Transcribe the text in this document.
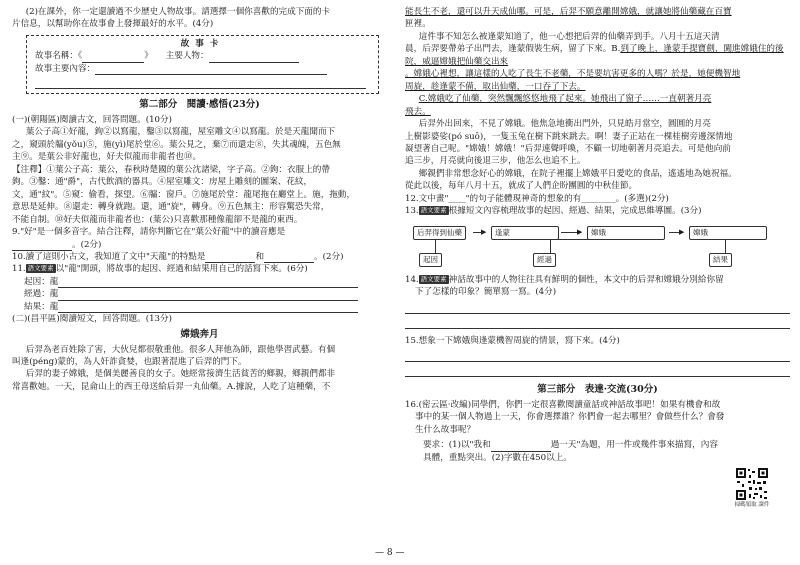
(2)在課外，你一定還讀過不少歷史人物故事。請選擇一個你喜歡的完成下面的卡

片信息，以幫助你在故事會上發揮最好的水平。(4分)

故事卡
故事名稱：《	》 主要人物：
故事主要內容：
第二部分　閱讀·感悟(23分)

(一)(朝陽區)閱讀古文，回答問題。(10分)

葉公子高①好龍，鉤②以寫龍，鑿③以寫龍，屋室雕文④以寫龍。於是天龍聞而下

之，窺頭於牖(yǒu)⑤，施(yì)尾於堂⑥。葉公見之，棄⑦而還走⑧，失其魂魄，五色無

主⑨。是葉公非好龍也，好夫似龍而非龍者也⑩。

【注釋】①葉公子高：葉公，春秋時楚國的葉公沈諸梁，字子高。②鉤：衣服上的帶

鉤。③鑿：通"爵"，古代飲酒的器具。④屋室雕文：房屋上雕刻的圖案、花紋，

文，通"紋"。⑤窺：偷看，探望。⑥牖：窗戶。⑦施尾於堂：龍尾拖在廳堂上。施，拖動，

意思是延伸。⑧還走：轉身就跑。還，通"旋"，轉身。⑨五色無主：形容驚恐失常，

不能自制。⑩好夫似龍而非龍者也：(葉公)只喜歡那種像龍卻不是龍的東西。

9."好"是一個多音字。結合注釋，請你判斷它在"葉公好龍"中的讀音應是

。(2分)

10.讀了這則小古文，我知道了文中"天龍"的特點是	和	。(2分)

11. 語文要素 以"龍"開頭，將故事的起因、經過和結果用自己的話寫下來。(6分)

起因：龍

經過：龍

結果：龍

(二)(昌平區)閱讀短文，回答問題。(13分)

嫦娥奔月

后羿為老百姓除了害，大伙兒都很敬重他。很多人拜他為師，跟他學習武藝。有個

叫逢(péng)蒙的，為人奸詐貪婪，也跟著混進了后羿的門下。

后羿的妻子嫦娥，是個美麗善良的女子。她經常接濟生活貧苦的鄉親，鄉親們都非

常喜歡她。一天，昆侖山上的西王母送給后羿一丸仙藥。A.據說，人吃了這種藥，不

— 8 —

能長生不老，還可以升天成仙哪。可是，后羿不願意離開嫦娥，就讓她將仙藥藏在百寶

匣裡。

這件事不知怎么被逢蒙知道了，他一心想把后羿的仙藥弄到手。八月十五這天清

晨，后羿要帶弟子出門去，逢蒙假裝生病，留了下來。B.到了晚上，逢蒙手提寶劍，闖進嫦娥住的後院，威逼嫦娥把仙藥交出來

。嫦娥心裡想，讓這樣的人吃了長生不老藥，不是要坑害更多的人嗎？於是，她便機智地

周旋，趁逢蒙不備，取出仙藥，一口吞了下去。

C.嫦娥吃了仙藥，突然飄飄悠悠地飛了起來。她飛出了窗子……一直朝著月亮

飛去。

后羿外出回來，不見了嫦娥。他焦急地衝出門外，只見皓月當空，圓圓的月亮

上樹影婆娑(pó suō)，一隻玉兔在樹下跳來跳去。啊！妻子正站在一棵桂樹旁邊深情地

凝望著自己呢。"嫦娥！嫦娥！"后羿連聲呼喚，不顧一切地朝著月亮追去。可是他向前

追三步，月亮就向後退三步，他怎么也追不上。

鄉親們非常想念好心的嫦娥，在院子裡擺上嫦娥平日愛吃的食品，遙遙地為她祝福。

從此以後，每年八月十五，就成了人們企盼團圓的中秋佳節。

12.文中畫"____"的句子能體現神奇的想象的有________。(多選)(2分)

13. 語文要素 根據短文內容梳理故事的起因、經過、結果，完成思維導圖。(3分)

后羿得到仙藥	▶	逢蒙	▶	嫦娥	▶	嫦娥
起因	經過	結果

14. 語文要素 神話故事中的人物往往具有鮮明的個性，本文中的后羿和嫦娥分別給你留

下了怎樣的印象？簡單寫一寫。(4分)

15.想象一下嫦娥與逢蒙機智周旋的情景，寫下來。(4分)

第三部分　表達·交流(30分)

16.(密云區·改編)同學們，你們一定很喜歡閱讀童話或神話故事吧！如果有機會和故

事中的某一個人物過上一天，你會選擇誰？你們會一起去哪里？會做些什么？會發

生什么故事呢？

要求：(1)以"我和	過一天"為題，用一件或幾件事來描寫，內容

具體，重點突出。(2)字數在450以上。

掃碼領取 課件
